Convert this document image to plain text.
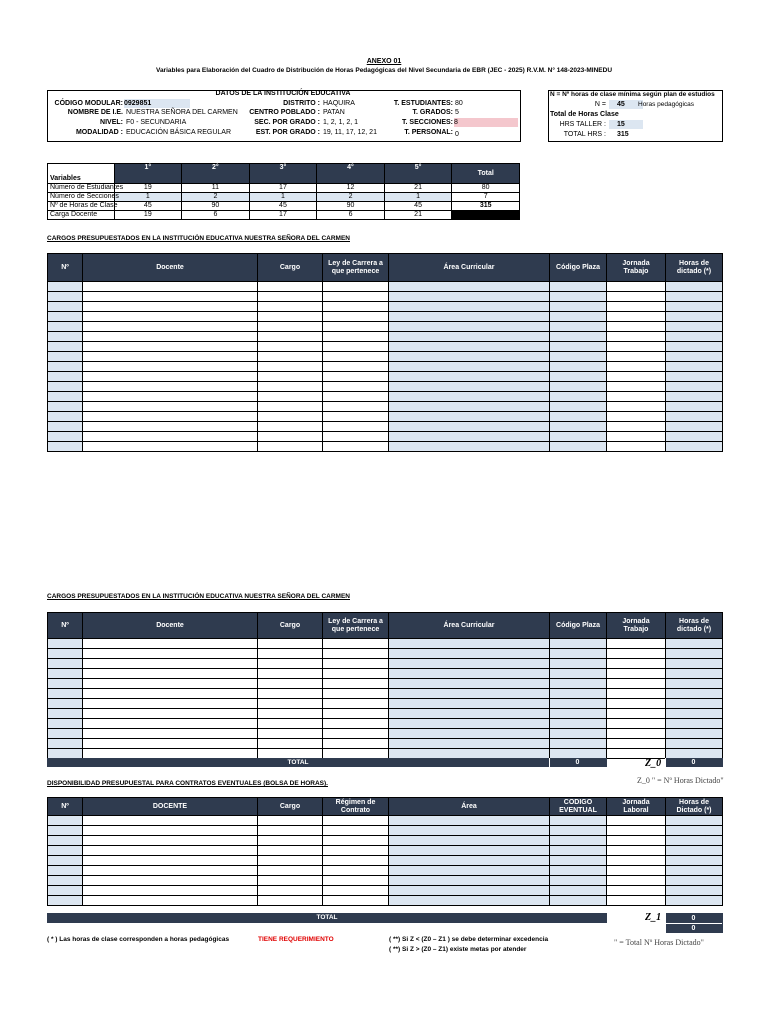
ANEXO 01
Variables para Elaboración del Cuadro de Distribución de Horas Pedagógicas del Nivel Secundaria de EBR (JEC - 2025) R.V.M. N° 148-2023-MINEDU
DATOS DE LA INSTITUCIÓN EDUCATIVA
CÓDIGO MODULAR: 0929851
NOMBRE DE I.E. NUESTRA SEÑORA DEL CARMEN
NIVEL: F0 - SECUNDARIA
MODALIDAD : EDUCACIÓN BÁSICA REGULAR
DISTRITO : HAQUIRA
CENTRO POBLADO : PATAN
SEC. POR GRADO : 1, 2, 1, 2, 1
EST. POR GRADO : 19, 11, 17, 12, 21
T. ESTUDIANTES: 80
T. GRADOS: 5
T. SECCIONES: 8
T. PERSONAL: 0
N = Nº horas de clase mínima según plan de estudios
N =	45	Horas pedagógicas
Total de Horas Clase
HRS TALLER :	15
TOTAL HRS : 315
Variables	1°	2°	3°	4°	5°	Total
Número de Estudiantes	19	11	17	12	21	80
Número de Secciones	1	2	1	2	1	7
Nº de Horas de Clase	45	90	45	90	45	315
Carga Docente	19	6	17	6	21	
CARGOS PRESUPUESTADOS EN LA INSTITUCIÓN EDUCATIVA NUESTRA SEÑORA DEL CARMEN
Nº	Docente	Cargo	Ley de Carrera a que pertenece	Área Curricular	Código Plaza	Jornada Trabajo	Horas de dictado (*)

CARGOS PRESUPUESTADOS EN LA INSTITUCIÓN EDUCATIVA NUESTRA SEÑORA DEL CARMEN
Nº	Docente	Cargo	Ley de Carrera a que pertenece	Área Curricular	Código Plaza	Jornada Trabajo	Horas de dictado (*)

TOTAL	0	0
Z_0
Z_0 " = Nº Horas Dictado"
DISPONIBILIDAD PRESUPUESTAL PARA CONTRATOS EVENTUALES (BOLSA DE HORAS).
Nº	DOCENTE	Cargo	Régimen de Contrato	Área	CODIGO EVENTUAL	Jornada Laboral	Horas de Dictado (*)

TOTAL	0
0
Z_1
" = Total Nº Horas Dictado"
( * ) Las horas de clase corresponden a horas pedagógicas	TIENE REQUERIMIENTO	( **) Si Z < (Z0 – Z1 ) se debe determinar excedencia
( **) Si Z > (Z0 – Z1) existe metas por atender
